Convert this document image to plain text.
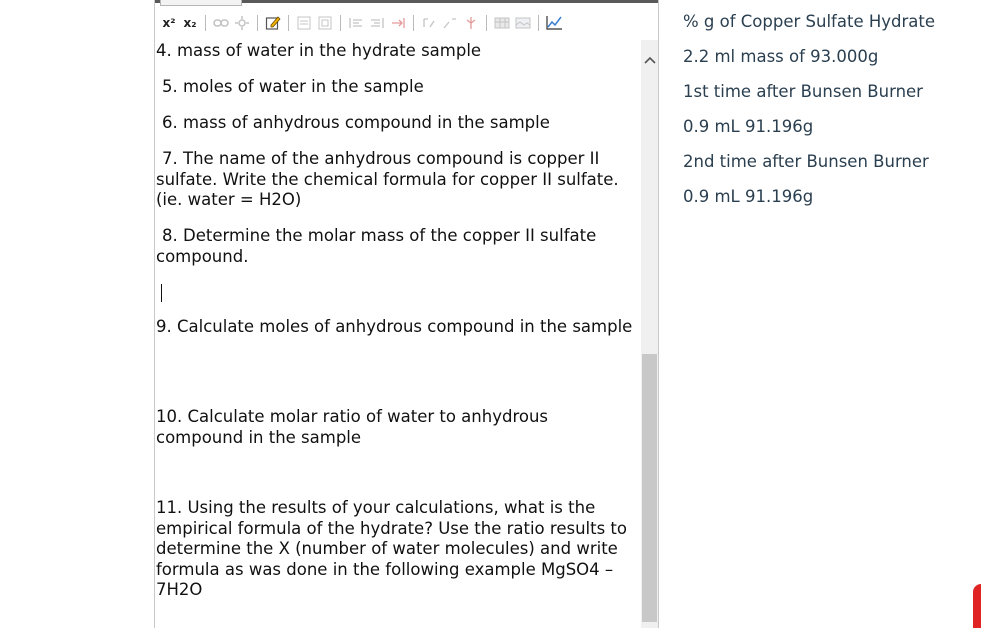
x² x₂
4. mass of water in the hydrate sample
5. moles of water in the sample
6. mass of anhydrous compound in the sample
7. The name of the anhydrous compound is copper II sulfate. Write the chemical formula for copper II sulfate. (ie. water = H2O)
8. Determine the molar mass of the copper II sulfate compound.
9. Calculate moles of anhydrous compound in the sample
10. Calculate molar ratio of water to anhydrous compound in the sample
11. Using the results of your calculations, what is the empirical formula of the hydrate? Use the ratio results to determine the X (number of water molecules) and write formula as was done in the following example MgSO4 – 7H2O
% g of Copper Sulfate Hydrate
2.2 ml mass of 93.000g
1st time after Bunsen Burner
0.9 mL 91.196g
2nd time after Bunsen Burner
0.9 mL 91.196g
